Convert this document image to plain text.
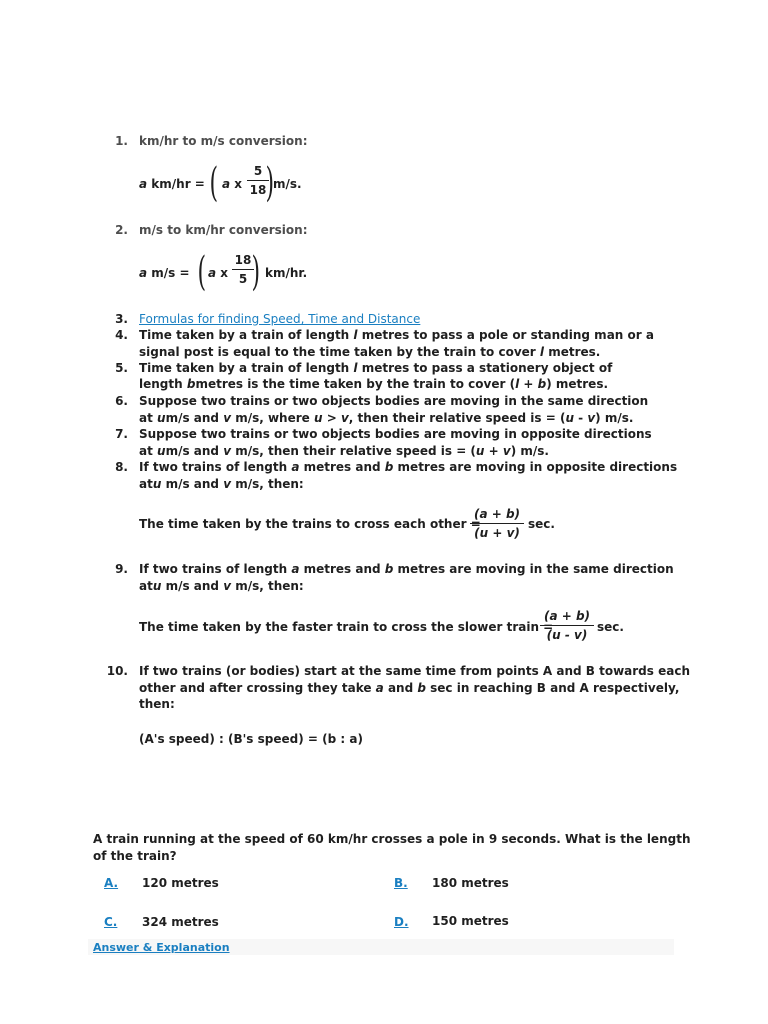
1. km/hr to m/s conversion:
a km/hr = ( a x
5
18 )
m/s.
2. m/s to km/hr conversion:
a m/s = ( a x
18
5 ) km/hr.
3. Formulas for finding Speed, Time and Distance
4. Time taken by a train of length l metres to pass a pole or standing man or a
signal post is equal to the time taken by the train to cover l metres.
5. Time taken by a train of length l metres to pass a stationery object of
length bmetres is the time taken by the train to cover (l + b) metres.
6. Suppose two trains or two objects bodies are moving in the same direction
at um/s and v m/s, where u > v, then their relative speed is = (u - v) m/s.
7. Suppose two trains or two objects bodies are moving in opposite directions
at um/s and v m/s, then their relative speed is = (u + v) m/s.
8. If two trains of length a metres and b metres are moving in opposite directions
atu m/s and v m/s, then:
The time taken by the trains to cross each other =
(a + b)
(u + v)
sec.
9. If two trains of length a metres and b metres are moving in the same direction
atu m/s and v m/s, then:
The time taken by the faster train to cross the slower train =
(a + b)
(u - v)
sec.
10. If two trains (or bodies) start at the same time from points A and B towards each
other and after crossing they take a and b sec in reaching B and A respectively,
then:
(A's speed) : (B's speed) = (b : a)
A train running at the speed of 60 km/hr crosses a pole in 9 seconds. What is the length
of the train?
A. 120 metres	B. 180 metres
C. 324 metres	D. 150 metres
Answer & Explanation
